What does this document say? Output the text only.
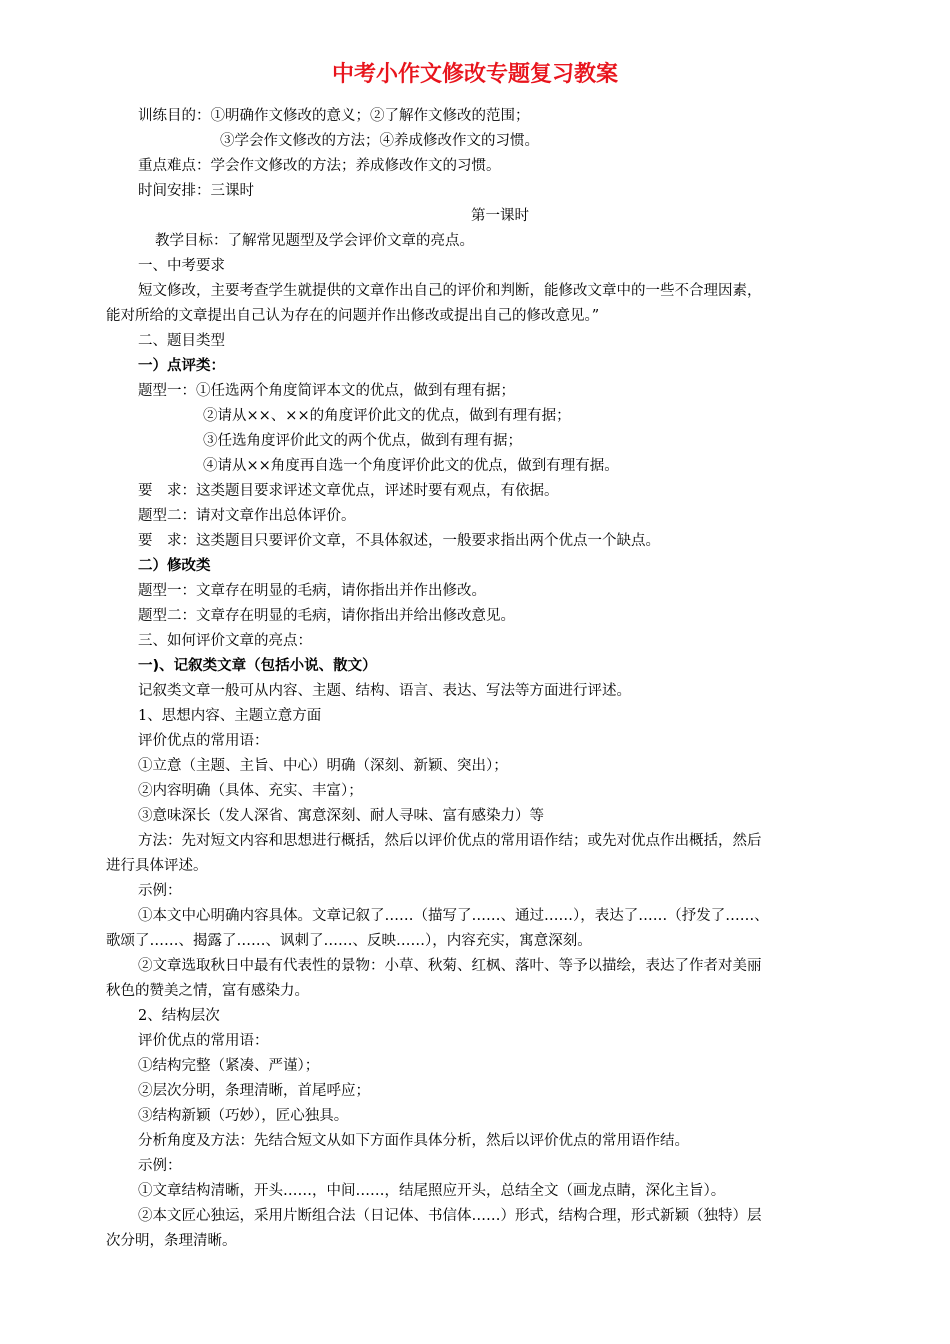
中考小作文修改专题复习教案
训练目的：①明确作文修改的意义；②了解作文修改的范围；
③学会作文修改的方法；④养成修改作文的习惯。
重点难点：学会作文修改的方法；养成修改作文的习惯。
时间安排：三课时
第一课时
教学目标：了解常见题型及学会评价文章的亮点。
一、中考要求
短文修改，主要考查学生就提供的文章作出自己的评价和判断，能修改文章中的一些不合理因素，
能对所给的文章提出自己认为存在的问题并作出修改或提出自己的修改意见。”
二、题目类型
一）点评类：
题型一：①任选两个角度简评本文的优点，做到有理有据；
②请从××、××的角度评价此文的优点，做到有理有据；
③任选角度评价此文的两个优点，做到有理有据；
④请从××角度再自选一个角度评价此文的优点，做到有理有据。
要　求：这类题目要求评述文章优点，评述时要有观点，有依据。
题型二：请对文章作出总体评价。
要　求：这类题目只要评价文章，不具体叙述，一般要求指出两个优点一个缺点。
二）修改类
题型一：文章存在明显的毛病，请你指出并作出修改。
题型二：文章存在明显的毛病，请你指出并给出修改意见。
三、如何评价文章的亮点：
一)、记叙类文章（包括小说、散文）
记叙类文章一般可从内容、主题、结构、语言、表达、写法等方面进行评述。
1、思想内容、主题立意方面
评价优点的常用语：
①立意（主题、主旨、中心）明确（深刻、新颖、突出）；
②内容明确（具体、充实、丰富）；
③意味深长（发人深省、寓意深刻、耐人寻味、富有感染力）等
方法：先对短文内容和思想进行概括，然后以评价优点的常用语作结；或先对优点作出概括，然后
进行具体评述。
示例：
①本文中心明确内容具体。文章记叙了……（描写了……、通过……），表达了……（抒发了……、
歌颂了……、揭露了……、讽刺了……、反映……），内容充实，寓意深刻。
②文章选取秋日中最有代表性的景物：小草、秋菊、红枫、落叶、等予以描绘，表达了作者对美丽
秋色的赞美之情，富有感染力。
2、结构层次
评价优点的常用语：
①结构完整（紧凑、严谨）；
②层次分明，条理清晰，首尾呼应；
③结构新颖（巧妙），匠心独具。
分析角度及方法：先结合短文从如下方面作具体分析，然后以评价优点的常用语作结。
示例：
①文章结构清晰，开头……，中间……，结尾照应开头，总结全文（画龙点睛，深化主旨）。
②本文匠心独运，采用片断组合法（日记体、书信体……）形式，结构合理，形式新颖（独特）层
次分明，条理清晰。
